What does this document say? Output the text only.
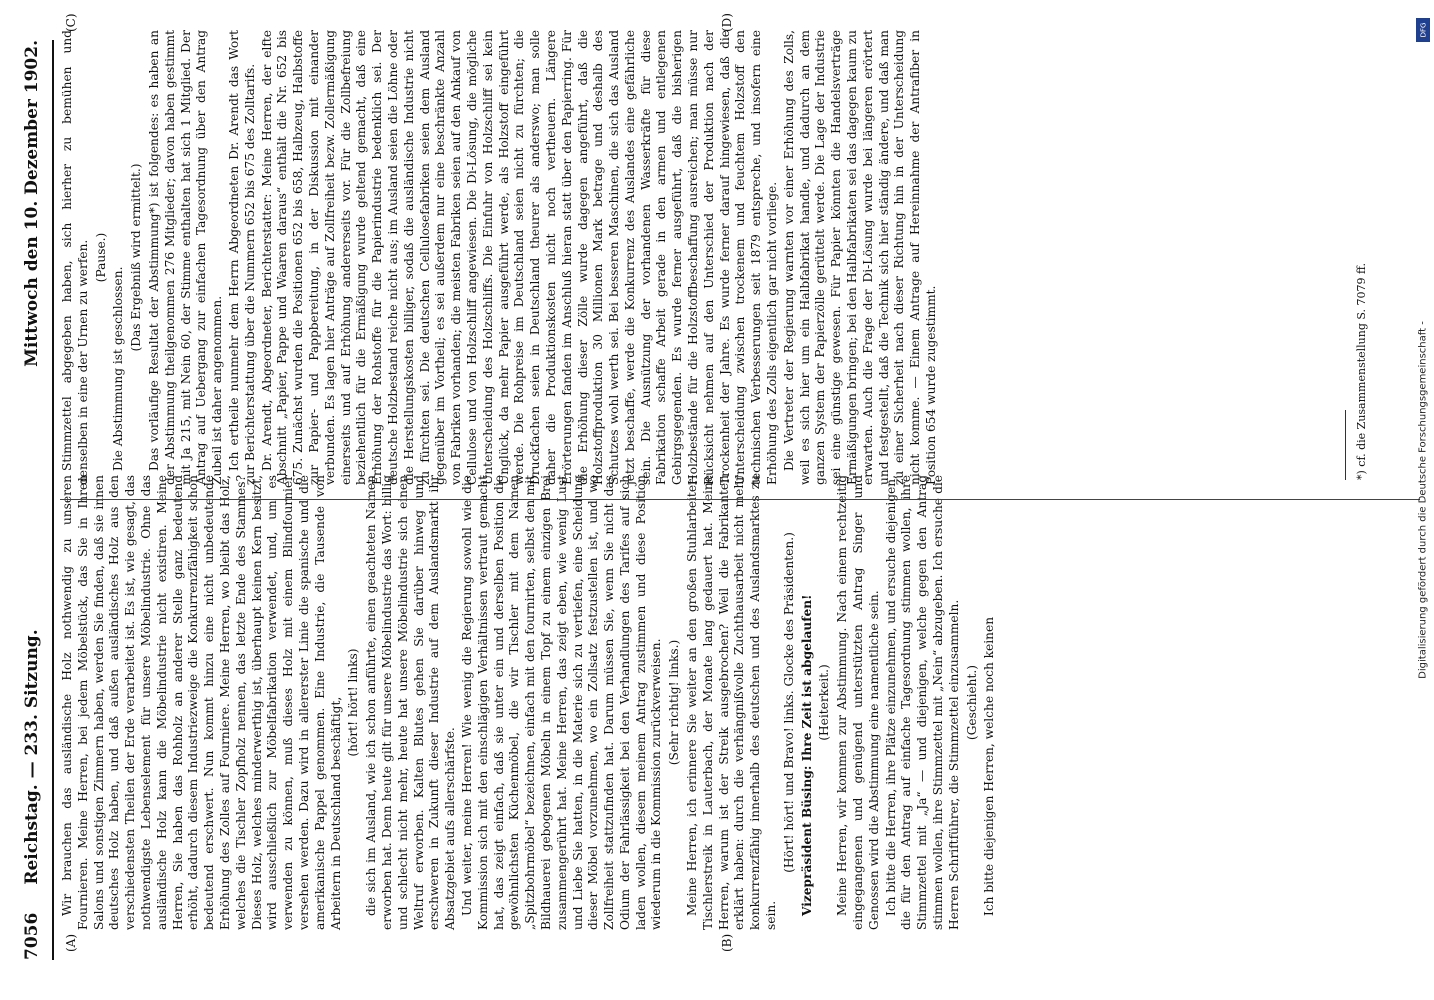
7056
Reichstag. — 233. Sitzung.
Mittwoch den 10. Dezember 1902.
(A)	(B)
(C)	(D)

Wir brauchen das ausländische Holz nothwendig zu unseren Fournieren. Meine Herren, bei jedem Möbelstück, das Sie in Ihren Salons und sonstigen Zimmern haben, werden Sie finden, daß sie innen deutsches Holz haben, und daß außen ausländisches Holz aus den verschiedensten Theilen der Erde verarbeitet ist. Es ist, wie gesagt, das nothwendigste Lebenselement für unsere Möbelindustrie. Ohne das ausländische Holz kann die Möbelindustrie nicht existiren. Meine Herren, Sie haben das Rohholz an anderer Stelle ganz bedeutend erhöht, dadurch diesem Industriezweige die Konkurrenzfähigkeit schon bedeutend erschwert. Nun kommt hinzu eine nicht unbedeutende Erhöhung des Zolles auf Fourniere. Meine Herren, wo bleibt das Holz, welches die Tischler Zopfholz nennen, das letzte Ende des Stammes? Dieses Holz, welches minderwerthig ist, überhaupt keinen Kern besitzt, wird ausschließlich zur Möbelfabrikation verwendet, und, um es verwenden zu können, muß dieses Holz mit einem Blindfournier versehen werden. Dazu wird in allererster Linie die spanische und die amerikanische Pappel genommen. Eine Industrie, die Tausende von Arbeitern in Deutschland beschäftigt, (hört! hört! links) die sich im Ausland, wie ich schon anführte, einen geachteten Namen erworben hat. Denn heute gilt für unsere Möbelindustrie das Wort: billig und schlecht nicht mehr, heute hat unsere Möbelindustrie sich einen Weltruf erworben. Kalten Blutes gehen Sie darüber hinweg und erschweren in Zukunft dieser Industrie auf dem Auslandsmarkt ihr Absatzgebiet aufs allerschärfste. Und weiter, meine Herren! Wie wenig die Regierung sowohl wie die Kommission sich mit den einschlägigen Verhältnissen vertraut gemacht hat, das zeigt einfach, daß sie unter ein und derselben Position die gewöhnlichsten Küchenmöbel, die wir Tischler mit dem Namen „Spitzbohrmöbel“ bezeichnen, einfach mit den fournirten, selbst den mit Bildhauerei gebogenen Möbeln in einem Topf zu einem einzigen Brei zusammengerührt hat. Meine Herren, das zeigt eben, wie wenig Lust und Liebe Sie hatten, in die Materie sich zu vertiefen, eine Scheidung dieser Möbel vorzunehmen, wo ein Zollsatz festzustellen ist, und wo Zollfreiheit stattzufinden hat. Darum müssen Sie, wenn Sie nicht das Odium der Fahrlässigkeit bei den Verhandlungen des Tarifes auf sich laden wollen, diesem meinem Antrag zustimmen und diese Position wiederum in die Kommission zurückverweisen. (Sehr richtig! links.) Meine Herren, ich erinnere Sie weiter an den großen Stuhlarbeiter-Tischlerstreik in Lauterbach, der Monate lang gedauert hat. Meine Herren, warum ist der Streik ausgebrochen? Weil die Fabrikanten erklärt haben: durch die verhängnißvolle Zuchthausarbeit nicht mehr konkurrenzfähig innerhalb des deutschen und des Auslandsmarktes zu sein.

(Hört! hört! und Bravo! links. Glocke des Präsidenten.) Vizepräsident Büsing: Ihre Zeit ist abgelaufen! (Heiterkeit.) Meine Herren, wir kommen zur Abstimmung. Nach einem rechtzeitig eingegangenen und genügend unterstützten Antrag Singer und Genossen wird die Abstimmung eine namentliche sein. Ich bitte die Herren, ihre Plätze einzunehmen, und ersuche diejenigen, die für den Antrag auf einfache Tagesordnung stimmen wollen, ihre Stimmzettel mit „Ja“ — und diejenigen, welche gegen den Antrag stimmen wollen, ihre Stimmzettel mit „Nein“ abzugeben. Ich ersuche die Herren Schriftführer, die Stimmzettel einzusammeln. (Geschieht.) Ich bitte diejenigen Herren, welche noch keinen

Stimmzettel abgegeben haben, sich hierher zu bemühen und denselben in eine der Urnen zu werfen. (Pause.)

Die Abstimmung ist geschlossen.

(Das Ergebniß wird ermittelt.) Das vorläufige Resultat der Abstimmung*) ist folgendes: es haben an der Abstimmung theilgenommen 276 Mitglieder; davon haben gestimmt mit Ja 215, mit Nein 60, der Stimme enthalten hat sich 1 Mitglied. Der Antrag auf Uebergang zur einfachen Tagesordnung über den Antrag Zubeil ist daher angenommen. Ich ertheile nunmehr dem Herrn Abgeordneten Dr. Arendt das Wort zur Berichterstattung über die Nummern 652 bis 675 des Zolltarifs. Dr. Arendt, Abgeordneter, Berichterstatter: Meine Herren, der elfte Abschnitt „Papier, Pappe und Waaren daraus“ enthält die Nr. 652 bis 675. Zunächst wurden die Positionen 652 bis 658, Halbzeug, Halbstoffe zur Papier- und Pappbereitung, in der Diskussion mit einander verbunden. Es lagen hier Anträge auf Zollfreiheit bezw. Zollermäßigung einerseits und auf Erhöhung andererseits vor. Für die Zollbefreiung beziehentlich für die Ermäßigung wurde geltend gemacht, daß eine Erhöhung der Rohstoffe für die Papierindustrie bedenklich sei. Der deutsche Holzbestand reiche nicht aus; im Ausland seien die Löhne oder die Herstellungskosten billiger, sodaß die ausländische Industrie nicht zu fürchten sei. Die deutschen Cellulosefabriken seien dem Ausland gegenüber im Vortheil; es sei außerdem nur eine beschränkte Anzahl von Fabriken vorhanden; die meisten Fabriken seien auf den Ankauf von Cellulose und von Holzschliff angewiesen. Die Di-Lösung, die mögliche Unterscheidung des Holzschliffs. Die Einfuhr von Holzschliff sei kein Unglück, da mehr Papier ausgeführt werde, als Holzstoff eingeführt werde. Die Rohpreise im Deutschland seien nicht zu fürchten; die Druckfachen seien in Deutschland theurer als anderswo; man solle daher die Produktionskosten nicht noch vertheuern. Längere Erörterungen fanden im Anschluß hieran statt über den Papierring. Für die Erhöhung dieser Zölle wurde dagegen angeführt, daß die Holzstoffproduktion 30 Millionen Mark betrage und deshalb des Schutzes wohl werth sei. Bei besseren Maschinen, die sich das Ausland jetzt beschaffe, werde die Konkurrenz des Auslandes eine gefährliche sein. Die Ausnützung der vorhandenen Wasserkräfte für diese Fabrikation schaffe Arbeit gerade in den armen und entlegenen Gebirgsgegenden. Es wurde ferner ausgeführt, daß die bisherigen Holzbestände für die Holzstoffbeschaffung ausreichen; man müsse nur Rücksicht nehmen auf den Unterschied der Produktion nach der Trockenheit der Jahre. Es wurde ferner darauf hingewiesen, daß die Unterscheidung zwischen trockenem und feuchtem Holzstoff den technischen Verbesserungen seit 1879 entspreche, und insofern eine Erhöhung des Zolls eigentlich gar nicht vorliege. Die Vertreter der Regierung warnten vor einer Erhöhung des Zolls, weil es sich hier um ein Halbfabrikat handle, und dadurch an dem ganzen System der Papierzölle gerüttelt werde. Die Lage der Industrie sei eine günstige gewesen. Für Papier könnten die Handelsverträge Ermäßigungen bringen; bei den Halbfabrikaten sei das dagegen kaum zu erwarten. Auch die Frage der Di-Lösung wurde bei längeren erörtert und festgestellt, daß die Technik sich hier ständig ändere, und daß man zu einer Sicherheit nach dieser Richtung hin in der Unterscheidung nicht komme. — Einem Antrage auf Hereinnahme der Antrafiber in Position 654 wurde zugestimmt.	*) cf. die Zusammenstellung S. 7079 ff.
DFG
Digitalisierung gefördert durch die Deutsche Forschungsgemeinschaft -
